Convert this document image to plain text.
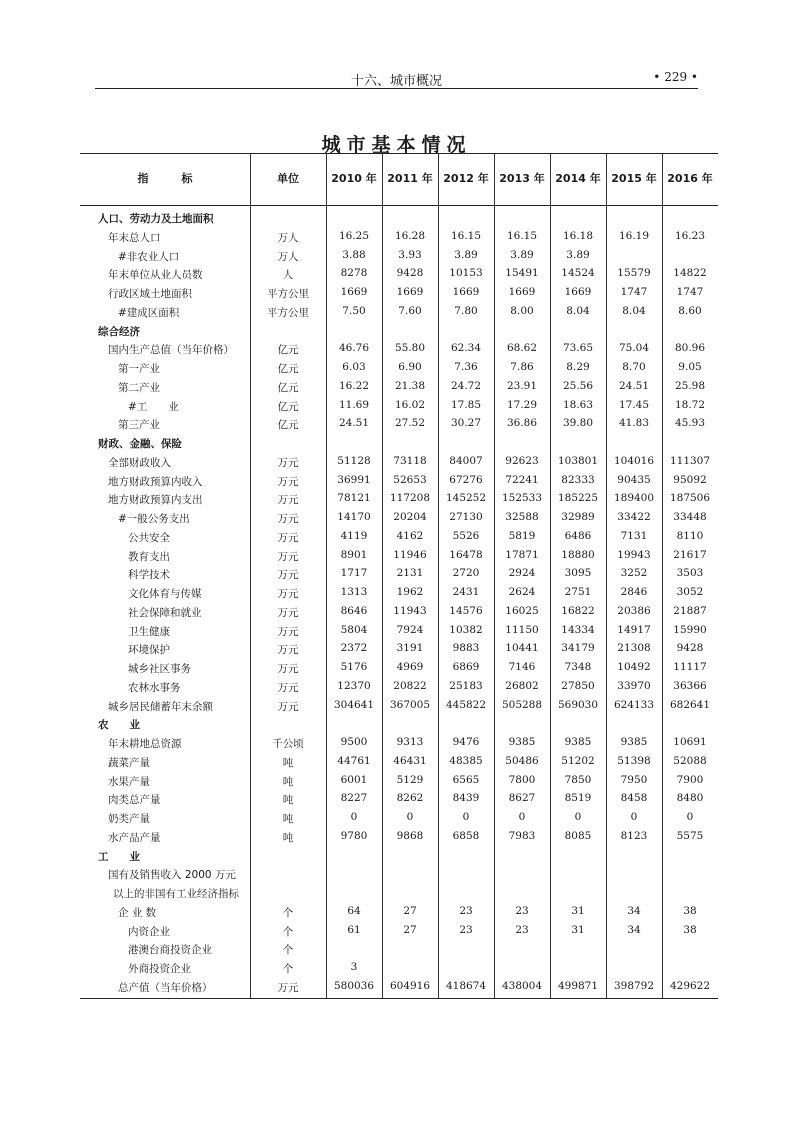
十六、城市概况	• 229 •
城市基本情况
指　　　标	单位	2010 年 2011 年 2012 年 2013 年 2014 年 2015 年 2016 年
人口、劳动力及土地面积
年末总人口	万人	16.25	16.28	16.15	16.15	16.18	16.19	16.23
#非农业人口	万人	3.88	3.93	3.89	3.89	3.89
年末单位从业人员数	人	8278	9428	10153	15491	14524	15579	14822
行政区域土地面积	平方公里	1669	1669	1669	1669	1669	1747	1747
#建成区面积	平方公里	7.50	7.60	7.80	8.00	8.04	8.04	8.60
综合经济
国内生产总值（当年价格）	亿元	46.76	55.80	62.34	68.62	73.65	75.04	80.96
第一产业	亿元	6.03	6.90	7.36	7.86	8.29	8.70	9.05
第二产业	亿元	16.22	21.38	24.72	23.91	25.56	24.51	25.98
#工　　业	亿元	11.69	16.02	17.85	17.29	18.63	17.45	18.72
第三产业	亿元	24.51	27.52	30.27	36.86	39.80	41.83	45.93
财政、金融、保险
全部财政收入	万元	51128	73118	84007	92623	103801	104016	111307
地方财政预算内收入	万元	36991	52653	67276	72241	82333	90435	95092
地方财政预算内支出	万元	78121	117208	145252	152533	185225	189400	187506
#一般公务支出	万元	14170	20204	27130	32588	32989	33422	33448
公共安全	万元	4119	4162	5526	5819	6486	7131	8110
教育支出	万元	8901	11946	16478	17871	18880	19943	21617
科学技术	万元	1717	2131	2720	2924	3095	3252	3503
文化体育与传媒	万元	1313	1962	2431	2624	2751	2846	3052
社会保障和就业	万元	8646	11943	14576	16025	16822	20386	21887
卫生健康	万元	5804	7924	10382	11150	14334	14917	15990
环境保护	万元	2372	3191	9883	10441	34179	21308	9428
城乡社区事务	万元	5176	4969	6869	7146	7348	10492	11117
农林水事务	万元	12370	20822	25183	26802	27850	33970	36366
城乡居民储蓄年末余额	万元	304641	367005	445822	505288	569030	624133	682641
农　　业
年末耕地总资源	千公顷	9500	9313	9476	9385	9385	9385	10691
蔬菜产量	吨	44761	46431	48385	50486	51202	51398	52088
水果产量	吨	6001	5129	6565	7800	7850	7950	7900
肉类总产量	吨	8227	8262	8439	8627	8519	8458	8480
奶类产量	吨	0	0	0	0	0	0	0
水产品产量	吨	9780	9868	6858	7983	8085	8123	5575
工　　业
国有及销售收入 2000 万元
以上的非国有工业经济指标
企 业 数	个	64	27	23	23	31	34	38
内资企业	个	61	27	23	23	31	34	38
港澳台商投资企业	个
外商投资企业	个	3
总产值（当年价格）	万元	580036	604916	418674	438004	499871	398792	429622
